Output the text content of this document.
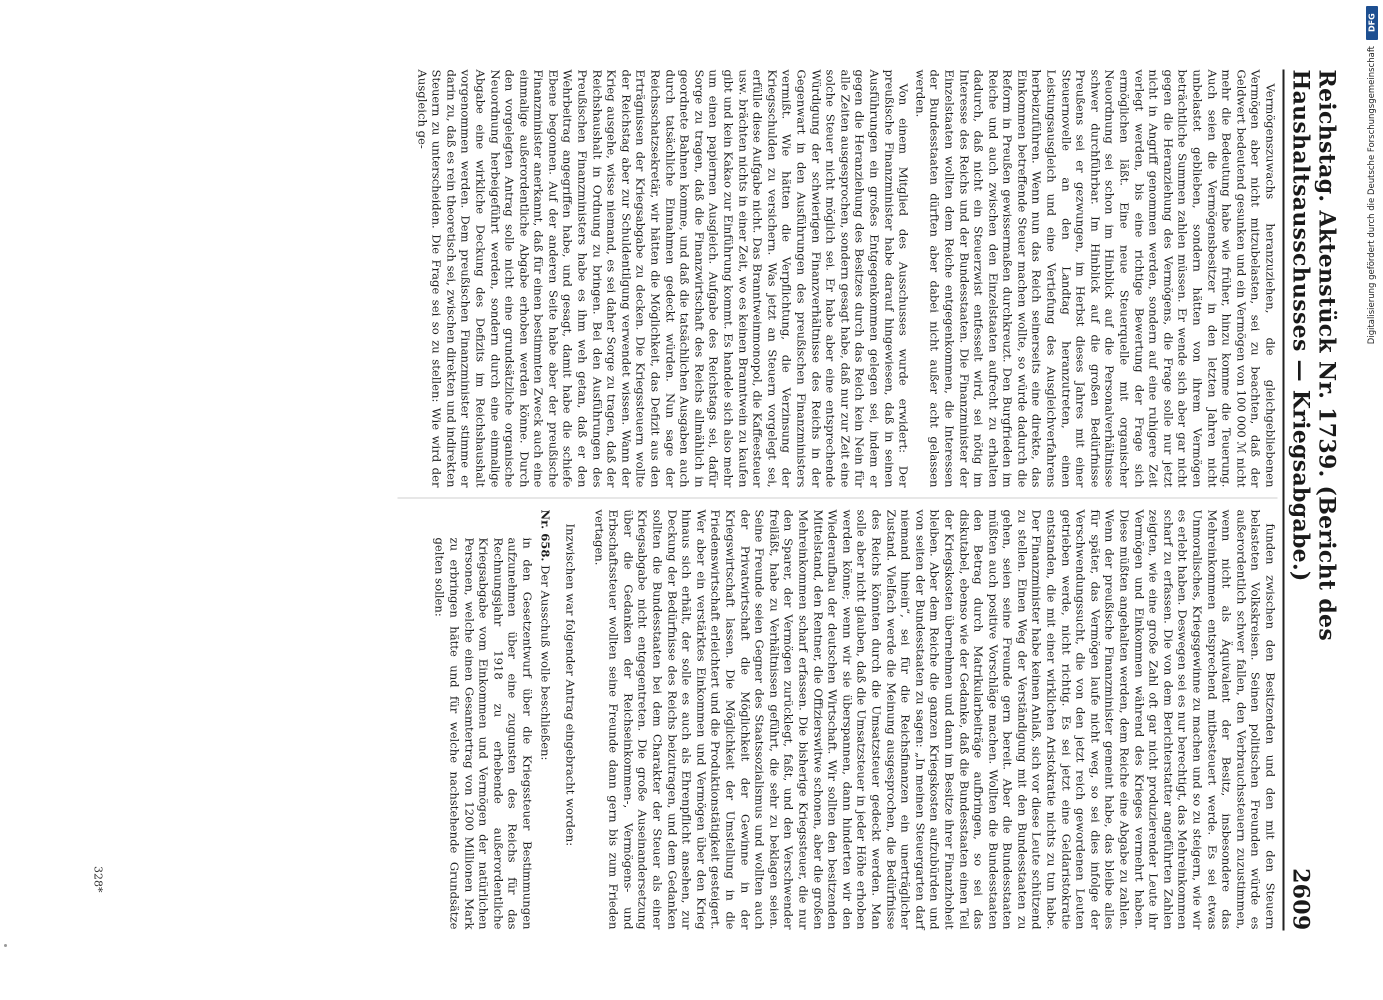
Reichstag. Aktenstück Nr. 1739. (Bericht des Haushaltsausschusses — Kriegsabgabe.)
2609

Vermögenszuwachs heranzuziehen, die gleichgebliebenen Vermögen aber nicht mitzubelasten, sei zu beachten, daß der Geldwert bedeutend gesunken und ein Vermögen von 100 000 ℳ nicht mehr die Bedeutung habe wie früher, hinzu komme die Teuerung. Auch seien die Vermögensbesitzer in den letzten Jahren nicht unbelastet geblieben, sondern hätten von ihrem Vermögen beträchtliche Summen zahlen müssen. Er wende sich aber gar nicht gegen die Heranziehung des Vermögens, die Frage solle nur jetzt nicht in Angriff genommen werden, sondern auf eine ruhigere Zeit verlegt werden, bis eine richtige Bewertung der Frage sich ermöglichen läßt. Eine neue Steuerquelle mit organischer Neuordnung sei schon im Hinblick auf die Personalverhältnisse schwer durchführbar. Im Hinblick auf die großen Bedürfnisse Preußens sei er gezwungen, im Herbst dieses Jahres mit einer Steuernovelle an den Landtag heranzutreten, einen Leistungsausgleich und eine Vertiefung des Ausgleichverfahrens herbeizuführen. Wenn nun das Reich seinerseits eine direkte, das Einkommen betreffende Steuer machen wollte, so würde dadurch die Reform in Preußen gewissermaßen durchkreuzt. Den Burgfrieden im Reiche und auch zwischen den Einzelstaaten aufrecht zu erhalten dadurch, daß nicht ein Steuerzwist entfesselt wird, sei nötig im Interesse des Reichs und der Bundesstaaten. Die Finanzminister der Einzelstaaten wollten dem Reiche entgegenkommen, die Interessen der Bundesstaaten dürften aber dabei nicht außer acht gelassen werden.

Von einem Mitglied des Ausschusses wurde erwidert: Der preußische Finanzminister habe darauf hingewiesen, daß in seinen Ausführungen ein großes Entgegenkommen gelegen sei, indem er gegen die Heranziehung des Besitzes durch das Reich kein Nein für alle Zeiten ausgesprochen, sondern gesagt habe, daß nur zur Zeit eine solche Steuer nicht möglich sei. Er habe aber eine entsprechende Würdigung der schwierigen Finanzverhältnisse des Reichs in der Gegenwart in den Ausführungen des preußischen Finanzministers vermißt. Wie hätten die Verpflichtung, die Verzinsung der Kriegsschulden zu versichern. Was jetzt an Steuern vorgelegt sei, erfülle diese Aufgabe nicht. Das Branntweinmonopol, die Kaffeesteuer usw. brächten nichts in einer Zeit, wo es keinen Branntwein zu kaufen gibt und kein Kakao zur Einführung kommt. Es handele sich also mehr um einen papiernen Ausgleich. Aufgabe des Reichstags sei, dafür Sorge zu tragen, daß die Finanzwirtschaft des Reichs allmählich in geordnete Bahnen komme, und daß die tatsächlichen Ausgaben auch durch tatsächliche Einnahmen gedeckt würden. Nun sage der Reichsschatzsekretär, wir hätten die Möglichkeit, das Defizit aus den Erträgnissen der Kriegsabgabe zu decken. Die Kriegssteuern wollte der Reichstag aber zur Schuldentilgung verwendet wissen. Wann der Krieg ausgehe, wisse niemand, es sei daher Sorge zu tragen, daß der Reichshaushalt in Ordnung zu bringen. Bei den Ausführungen des Preußischen Finanzministers habe es ihm weh getan, daß er den Wehrbeitrag angegriffen habe, und gesagt, damit habe die schiefe Ebene begonnen. Auf der anderen Seite habe aber der preußische Finanzminister anerkannt, daß für einen bestimmten Zweck auch eine einmalige außerordentliche Abgabe erhoben werden könne. Durch den vorgelegten Antrag solle nicht eine grundsätzliche organische Neuordnung herbeigeführt werden, sondern durch eine einmalige Abgabe eine wirkliche Deckung des Defizits im Reichshaushalt vorgenommen werden. Dem preußischen Finanzminister stimme er darin zu, daß es rein theoretisch sei, zwischen direkten und indirekten Steuern zu unterscheiden. Die Frage sei so zu stellen: Wie wird der Ausgleich ge-

funden zwischen den Besitzenden und den mit den Steuern belasteten Volkskreisen. Seinen politischen Freunden würde es außerordentlich schwer fallen, den Verbrauchssteuern zuzustimmen, wenn nicht als Äquivalent der Besitz, insbesondere das Mehreinkommen entsprechend mitbesteuert werde. Es sei etwas Unmoralisches, Kriegsgewinne zu machen und so zu steigern, wie wir es erlebt haben. Deswegen sei es nur berechtigt, das Mehreinkommen scharf zu erfassen. Die von dem Berichterstatter angeführten Zahlen zeigten, wie eine große Zahl oft gar nicht produzierender Leute ihr Vermögen und Einkommen während des Krieges vermehrt haben. Diese müßten angehalten werden, dem Reiche eine Abgabe zu zahlen. Wenn der preußische Finanzminister gemeint habe, das bleibe alles für später, das Vermögen laufe nicht weg, so sei dies infolge der Verschwendungssucht, die von den jetzt reich gewordenen Leuten getrieben werde, nicht richtig. Es sei jetzt eine Geldaristokratie entstanden, die mit einer wirklichen Aristokratie nichts zu tun habe. Der Finanzminister habe keinen Anlaß, sich vor diese Leute schützend zu stellen. Einen Weg der Verständigung mit den Bundesstaaten zu gehen, seien seine Freunde gern bereit. Aber die Bundesstaaten müßten auch positive Vorschläge machen. Wollten die Bundesstaaten den Betrag durch Matrikularbeiträge aufbringen, so sei das diskutabel, ebenso wie der Gedanke, daß die Bundesstaaten einen Teil der Kriegskosten übernehmen und dann im Besitze ihrer Finanzhoheit bleiben. Aber dem Reiche die ganzen Kriegskosten aufzubürden und von seiten der Bundesstaaten zu sagen: „In meinen Steuergarten darf niemand hinein“, sei für die Reichsfinanzen ein unerträglicher Zustand. Vielfach werde die Meinung ausgesprochen, die Bedürfnisse des Reichs könnten durch die Umsatzsteuer gedeckt werden. Man solle aber nicht glauben, daß die Umsatzsteuer in jeder Höhe erhoben werden könne; wenn wir sie überspannen, dann hinderten wir den Wiederaufbau der deutschen Wirtschaft. Wir sollten den besitzenden Mittelstand, den Rentner, die Offizierswitwe schonen, aber die großen Mehreinkommen scharf erfassen. Die bisherige Kriegssteuer, die nur den Sparer, der Vermögen zurücklegt, faßt, und den Verschwender freiläßt, habe zu Verhältnissen geführt, die sehr zu beklagen seien. Seine Freunde seien Gegner des Staatssozialismus und wollten auch der Privatwirtschaft die Möglichkeit der Gewinne in der Kriegswirtschaft lassen. Die Möglichkeit der Umstellung in die Friedenswirtschaft erleichtert und die Produktionstätigkeit gesteigert. Wer aber ein verstärktes Einkommen und Vermögen über den Krieg hinaus sich erhält, der solle es auch als Ehrenpflicht ansehen, zur Deckung der Bedürfnisse des Reichs beizutragen, und dem Gedanken sollten die Bundesstaaten bei dem Charakter der Steuer als einer Kriegsabgabe nicht entgegentreten. Die große Auseinandersetzung über die Gedanken der Reichseinkommen-, Vermögens- und Erbschaftssteuer wollten seine Freunde dann gern bis zum Frieden vertagen.

Inzwischen war folgender Antrag eingebracht worden:

Nr. 658. Der Ausschuß wolle beschließen:

in den Gesetzentwurf über die Kriegssteuer Bestimmungen aufzunehmen über eine zugunsten des Reichs für das Rechnungsjahr 1918 zu erhebende außerordentliche Kriegsabgabe vom Einkommen und Vermögen der natürlichen Personen, welche einen Gesamtertrag von 1200 Millionen Mark zu erbringen hätte und für welche nachstehende Grundsätze gelten sollen:

328*
DFG
Digitalisierung gefördert durch die Deutsche Forschungsgemeinschaft
